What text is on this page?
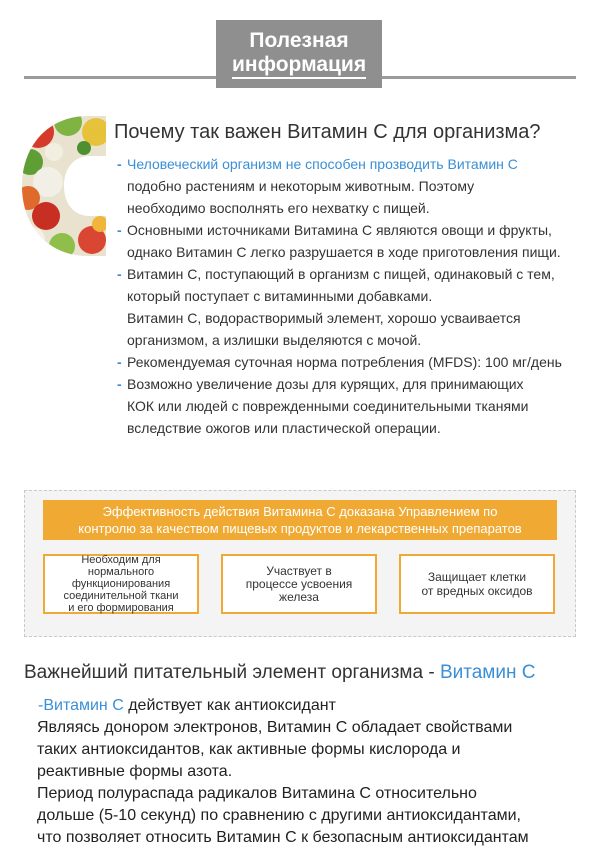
Полезная
информация
Почему так важен Витамин С для организма?
- Человеческий организм не способен прозводить Витамин С
подобно растениям и некоторым животным. Поэтому
необходимо восполнять его нехватку с пищей.
- Основными источниками Витамина С являются овощи и фрукты,
однако Витамин С легко разрушается в ходе приготовления пищи.
- Витамин С, поступающий в организм с пищей, одинаковый с тем,
который поступает с витаминными добавками.
Витамин С, водорастворимый элемент, хорошо усваивается
организмом, а излишки выделяются с мочой.
- Рекомендуемая суточная норма потребления (MFDS): 100 мг/день
- Возможно увеличение дозы для курящих, для принимающих
КОК или людей с поврежденными соединительными тканями
вследствие ожогов или пластической операции.
Эффективность действия Витамина С доказана Управлением по
контролю за качеством пищевых продуктов и лекарственных препаратов
Необходим для
нормального
функционирования
соединительной ткани
и его формирования
Участвует в
процессе усвоения
железа
Защищает клетки
от вредных оксидов
Важнейший питательный элемент организма - Витамин С
-Витамин С действует как антиоксидант
Являясь донором электронов, Витамин С обладает свойствами
таких антиоксидантов, как активные формы кислорода и
реактивные формы азота.
Период полураспада радикалов Витамина С относительно
дольше (5-10 секунд) по сравнению с другими антиоксидантами,
что позволяет относить Витамин С к безопасным антиоксидантам
